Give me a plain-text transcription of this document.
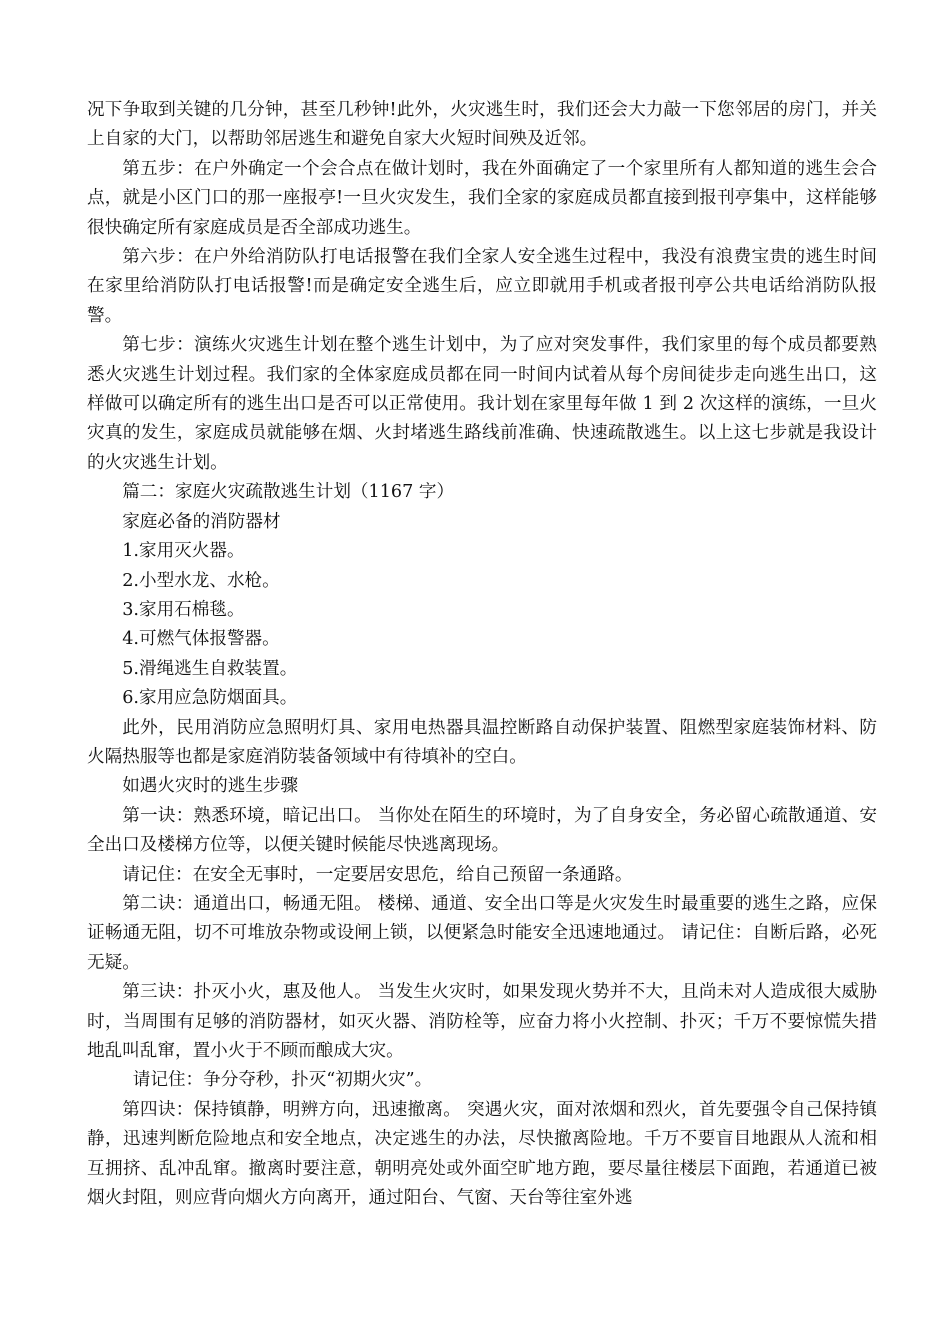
况下争取到关键的几分钟，甚至几秒钟!此外，火灾逃生时，我们还会大力敲一下您邻居的房门，并关上自家的大门，以帮助邻居逃生和避免自家大火短时间殃及近邻。

第五步：在户外确定一个会合点在做计划时，我在外面确定了一个家里所有人都知道的逃生会合点，就是小区门口的那一座报亭!一旦火灾发生，我们全家的家庭成员都直接到报刊亭集中，这样能够很快确定所有家庭成员是否全部成功逃生。

第六步：在户外给消防队打电话报警在我们全家人安全逃生过程中，我没有浪费宝贵的逃生时间在家里给消防队打电话报警!而是确定安全逃生后，应立即就用手机或者报刊亭公共电话给消防队报警。

第七步：演练火灾逃生计划在整个逃生计划中，为了应对突发事件，我们家里的每个成员都要熟悉火灾逃生计划过程。我们家的全体家庭成员都在同一时间内试着从每个房间徒步走向逃生出口，这样做可以确定所有的逃生出口是否可以正常使用。我计划在家里每年做 1 到 2 次这样的演练，一旦火灾真的发生，家庭成员就能够在烟、火封堵逃生路线前准确、快速疏散逃生。以上这七步就是我设计的火灾逃生计划。

篇二：家庭火灾疏散逃生计划（1167 字）

家庭必备的消防器材

1.家用灭火器。

2.小型水龙、水枪。

3.家用石棉毯。

4.可燃气体报警器。

5.滑绳逃生自救装置。

6.家用应急防烟面具。

此外，民用消防应急照明灯具、家用电热器具温控断路自动保护装置、阻燃型家庭装饰材料、防火隔热服等也都是家庭消防装备领域中有待填补的空白。

如遇火灾时的逃生步骤

第一诀：熟悉环境，暗记出口。 当你处在陌生的环境时，为了自身安全，务必留心疏散通道、安全出口及楼梯方位等，以便关键时候能尽快逃离现场。

请记住：在安全无事时，一定要居安思危，给自己预留一条通路。

第二诀：通道出口，畅通无阻。 楼梯、通道、安全出口等是火灾发生时最重要的逃生之路，应保证畅通无阻，切不可堆放杂物或设闸上锁，以便紧急时能安全迅速地通过。 请记住：自断后路，必死无疑。

第三诀：扑灭小火，惠及他人。 当发生火灾时，如果发现火势并不大，且尚未对人造成很大威胁时，当周围有足够的消防器材，如灭火器、消防栓等，应奋力将小火控制、扑灭；千万不要惊慌失措地乱叫乱窜，置小火于不顾而酿成大灾。

请记住：争分夺秒，扑灭“初期火灾”。

第四诀：保持镇静，明辨方向，迅速撤离。 突遇火灾，面对浓烟和烈火，首先要强令自己保持镇静，迅速判断危险地点和安全地点，决定逃生的办法，尽快撤离险地。千万不要盲目地跟从人流和相互拥挤、乱冲乱窜。撤离时要注意，朝明亮处或外面空旷地方跑，要尽量往楼层下面跑，若通道已被烟火封阻，则应背向烟火方向离开，通过阳台、气窗、天台等往室外逃
